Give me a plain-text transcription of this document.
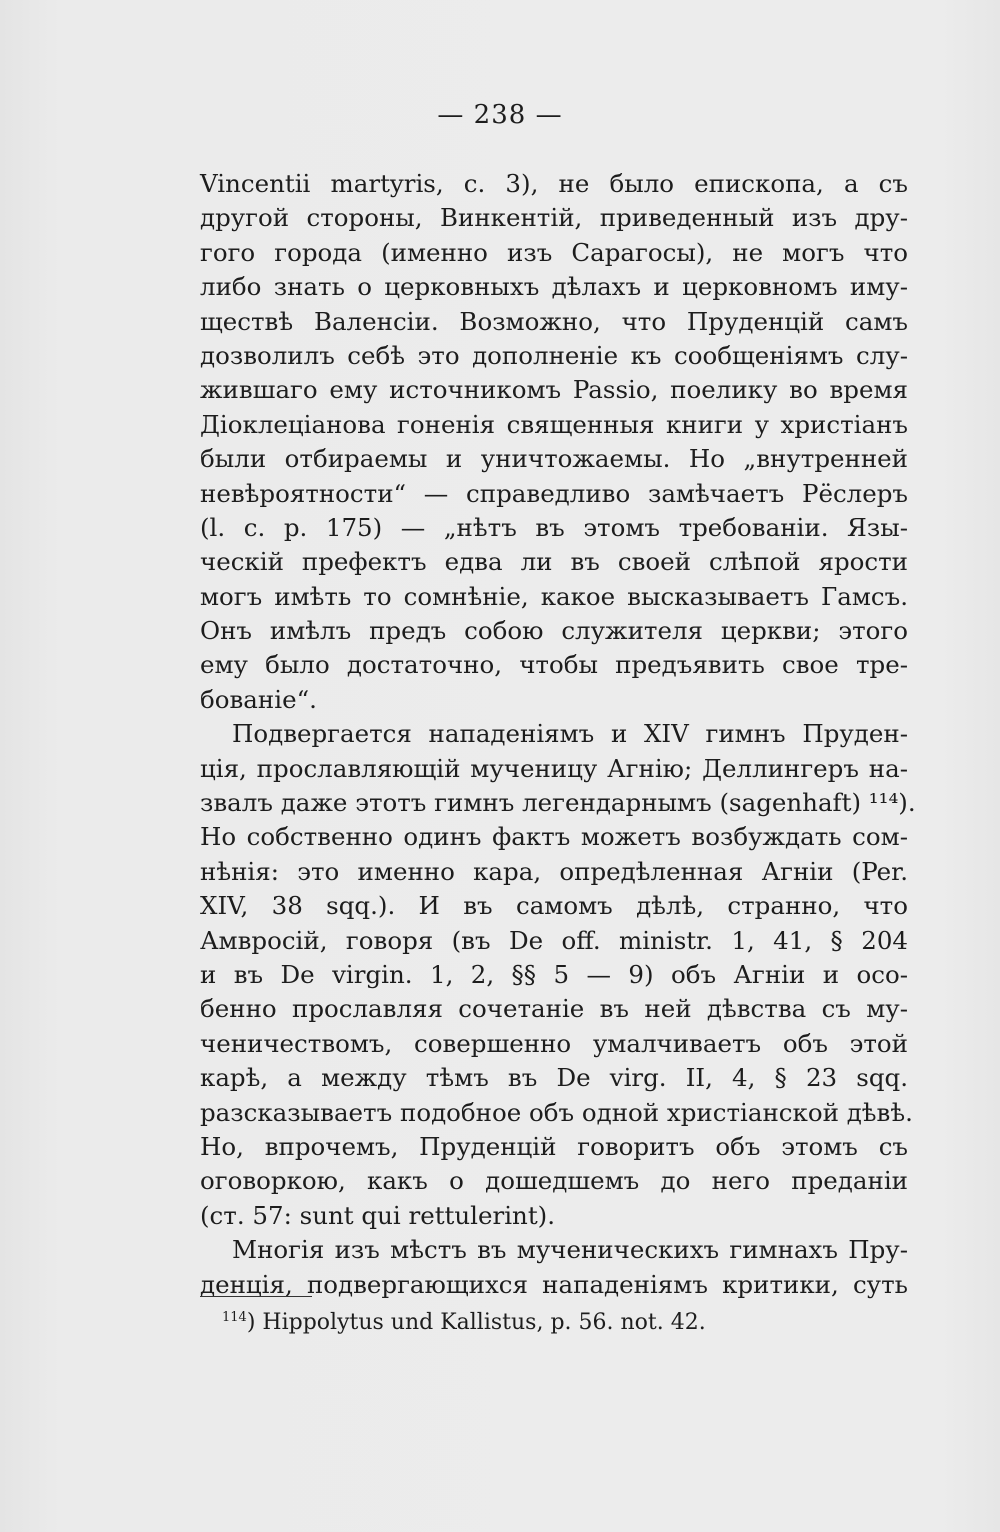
— 238 —
Vincentii martyris, c. 3), не было епископа, а съ
другой стороны, Винкентій, приведенный изъ дру-
гого города (именно изъ Сарагосы), не могъ что
либо знать о церковныхъ дѣлахъ и церковномъ иму-
ществѣ Валенсіи. Возможно, что Пруденцій самъ
дозволилъ себѣ это дополненіе къ сообщеніямъ слу-
жившаго ему источникомъ Passio, поелику во время
Діоклеціанова гоненія священныя книги у христіанъ
были отбираемы и уничтожаемы. Но „внутренней
невѣроятности“ — справедливо замѣчаетъ Рёслеръ
(l. c. p. 175) — „нѣтъ въ этомъ требованіи. Язы-
ческій префектъ едва ли въ своей слѣпой ярости
могъ имѣть то сомнѣніе, какое высказываетъ Гамсъ.
Онъ имѣлъ предъ собою служителя церкви; этого
ему было достаточно, чтобы предъявить свое тре-
бованіе“.
Подвергается нападеніямъ и XIV гимнъ Пруден-
ція, прославляющій мученицу Агнію; Деллингеръ на-
звалъ даже этотъ гимнъ легендарнымъ (sagenhaft) ¹¹⁴).
Но собственно одинъ фактъ можетъ возбуждать сом-
нѣнія: это именно кара, опредѣленная Агніи (Per.
XIV, 38 sqq.). И въ самомъ дѣлѣ, странно, что
Амвросій, говоря (въ De off. ministr. 1, 41, § 204
и въ De virgin. 1, 2, §§ 5 — 9) объ Агніи и осо-
бенно прославляя сочетаніе въ ней дѣвства съ му-
ченичествомъ, совершенно умалчиваетъ объ этой
карѣ, а между тѣмъ въ De virg. II, 4, § 23 sqq.
разсказываетъ подобное объ одной христіанской дѣвѣ.
Но, впрочемъ, Пруденцій говоритъ объ этомъ съ
оговоркою, какъ о дошедшемъ до него преданіи
(ст. 57: sunt qui rettulerint).
Многія изъ мѣстъ въ мученическихъ гимнахъ Пру-
денція, подвергающихся нападеніямъ критики, суть
$^{114}$) Hippolytus und Kallistus, p. 56. not. 42.
